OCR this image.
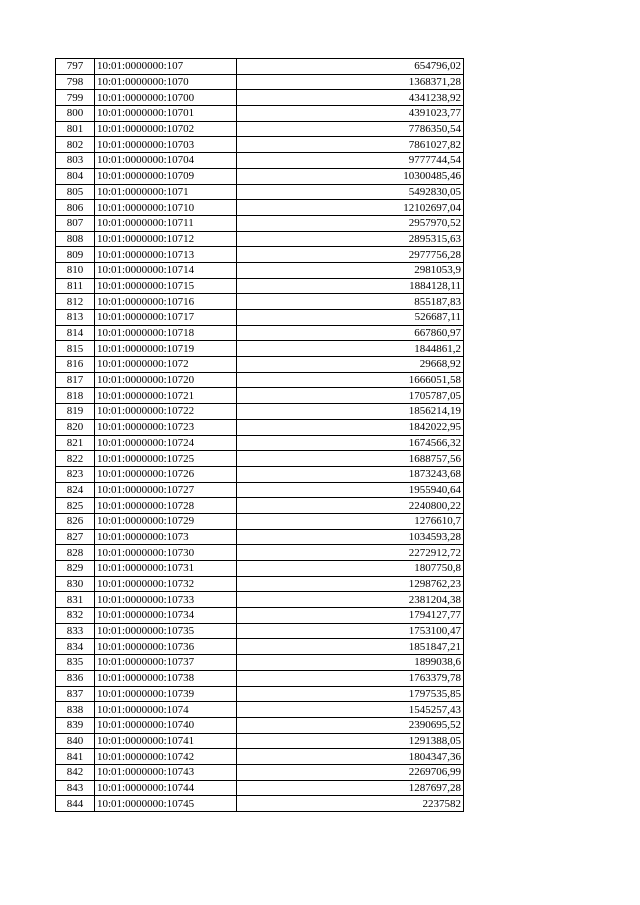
797	10:01:0000000:107	654796,02
798	10:01:0000000:1070	1368371,28
799	10:01:0000000:10700	4341238,92
800	10:01:0000000:10701	4391023,77
801	10:01:0000000:10702	7786350,54
802	10:01:0000000:10703	7861027,82
803	10:01:0000000:10704	9777744,54
804	10:01:0000000:10709	10300485,46
805	10:01:0000000:1071	5492830,05
806	10:01:0000000:10710	12102697,04
807	10:01:0000000:10711	2957970,52
808	10:01:0000000:10712	2895315,63
809	10:01:0000000:10713	2977756,28
810	10:01:0000000:10714	2981053,9
811	10:01:0000000:10715	1884128,11
812	10:01:0000000:10716	855187,83
813	10:01:0000000:10717	526687,11
814	10:01:0000000:10718	667860,97
815	10:01:0000000:10719	1844861,2
816	10:01:0000000:1072	29668,92
817	10:01:0000000:10720	1666051,58
818	10:01:0000000:10721	1705787,05
819	10:01:0000000:10722	1856214,19
820	10:01:0000000:10723	1842022,95
821	10:01:0000000:10724	1674566,32
822	10:01:0000000:10725	1688757,56
823	10:01:0000000:10726	1873243,68
824	10:01:0000000:10727	1955940,64
825	10:01:0000000:10728	2240800,22
826	10:01:0000000:10729	1276610,7
827	10:01:0000000:1073	1034593,28
828	10:01:0000000:10730	2272912,72
829	10:01:0000000:10731	1807750,8
830	10:01:0000000:10732	1298762,23
831	10:01:0000000:10733	2381204,38
832	10:01:0000000:10734	1794127,77
833	10:01:0000000:10735	1753100,47
834	10:01:0000000:10736	1851847,21
835	10:01:0000000:10737	1899038,6
836	10:01:0000000:10738	1763379,78
837	10:01:0000000:10739	1797535,85
838	10:01:0000000:1074	1545257,43
839	10:01:0000000:10740	2390695,52
840	10:01:0000000:10741	1291388,05
841	10:01:0000000:10742	1804347,36
842	10:01:0000000:10743	2269706,99
843	10:01:0000000:10744	1287697,28
844	10:01:0000000:10745	2237582
